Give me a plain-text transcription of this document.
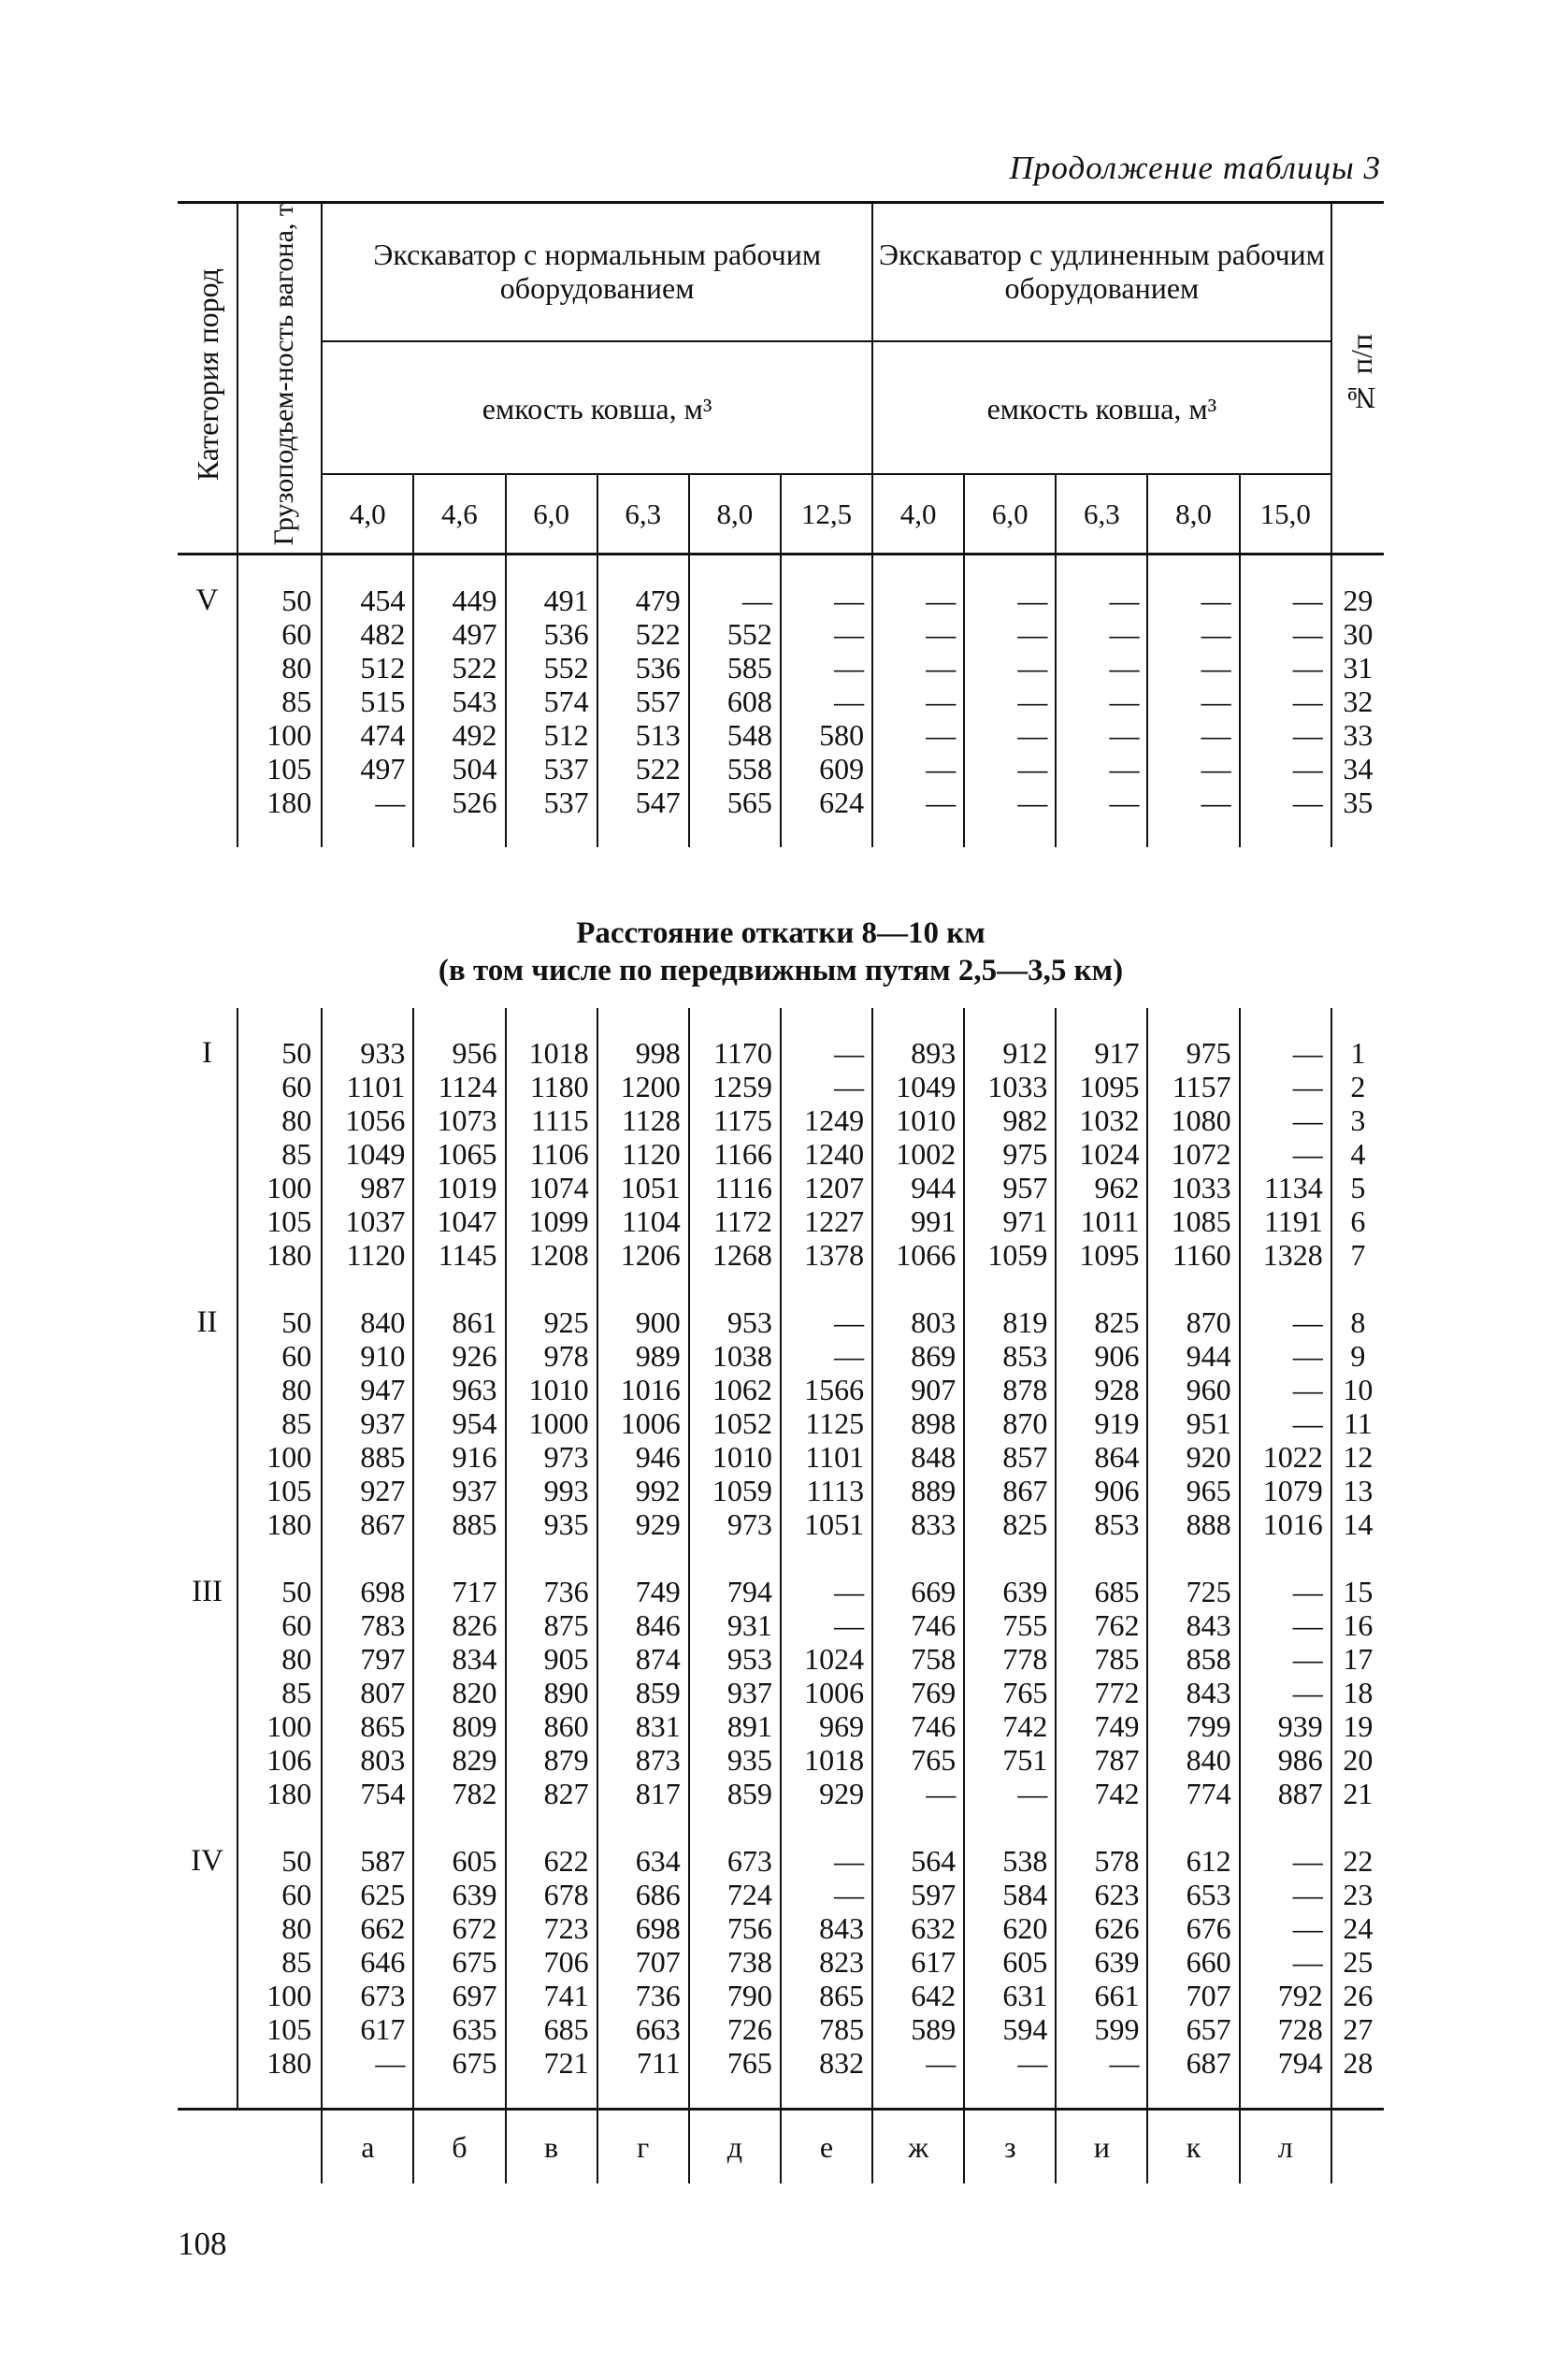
Продолжение таблицы 3

Категория пород	Грузоподъем-ность вагона, т	Экскаватор с нормальным рабочим оборудованием						Экскаватор с удлиненным рабочим оборудованием					№ п/п
		емкость ковша, м³						емкость ковша, м³					
		4,0	4,6	6,0	6,3	8,0	12,5	4,0	6,0	6,3	8,0	15,0	

V	50	454	449	491	479	—	—	—	—	—	—	—	29
	60	482	497	536	522	552	—	—	—	—	—	—	30
	80	512	522	552	536	585	—	—	—	—	—	—	31
	85	515	543	574	557	608	—	—	—	—	—	—	32
	100	474	492	512	513	548	580	—	—	—	—	—	33
	105	497	504	537	522	558	609	—	—	—	—	—	34
	180	—	526	537	547	565	624	—	—	—	—	—	35

Расстояние откатки 8—10 км
(в том числе по передвижным путям 2,5—3,5 км)													

I	50	933	956	1018	998	1170	—	893	912	917	975	—	1
	60	1101	1124	1180	1200	1259	—	1049	1033	1095	1157	—	2
	80	1056	1073	1115	1128	1175	1249	1010	982	1032	1080	—	3
	85	1049	1065	1106	1120	1166	1240	1002	975	1024	1072	—	4
	100	987	1019	1074	1051	1116	1207	944	957	962	1033	1134	5
	105	1037	1047	1099	1104	1172	1227	991	971	1011	1085	1191	6
	180	1120	1145	1208	1206	1268	1378	1066	1059	1095	1160	1328	7

II	50	840	861	925	900	953	—	803	819	825	870	—	8
	60	910	926	978	989	1038	—	869	853	906	944	—	9
	80	947	963	1010	1016	1062	1566	907	878	928	960	—	10
	85	937	954	1000	1006	1052	1125	898	870	919	951	—	11
	100	885	916	973	946	1010	1101	848	857	864	920	1022	12
	105	927	937	993	992	1059	1113	889	867	906	965	1079	13
	180	867	885	935	929	973	1051	833	825	853	888	1016	14

III	50	698	717	736	749	794	—	669	639	685	725	—	15
	60	783	826	875	846	931	—	746	755	762	843	—	16
	80	797	834	905	874	953	1024	758	778	785	858	—	17
	85	807	820	890	859	937	1006	769	765	772	843	—	18
	100	865	809	860	831	891	969	746	742	749	799	939	19
	106	803	829	879	873	935	1018	765	751	787	840	986	20
	180	754	782	827	817	859	929	—	—	742	774	887	21

IV	50	587	605	622	634	673	—	564	538	578	612	—	22
	60	625	639	678	686	724	—	597	584	623	653	—	23
	80	662	672	723	698	756	843	632	620	626	676	—	24
	85	646	675	706	707	738	823	617	605	639	660	—	25
	100	673	697	741	736	790	865	642	631	661	707	792	26
	105	617	635	685	663	726	785	589	594	599	657	728	27
	180	—	675	721	711	765	832	—	—	—	687	794	28

		а	б	в	г	д	е	ж	з	и	к	л	
108
